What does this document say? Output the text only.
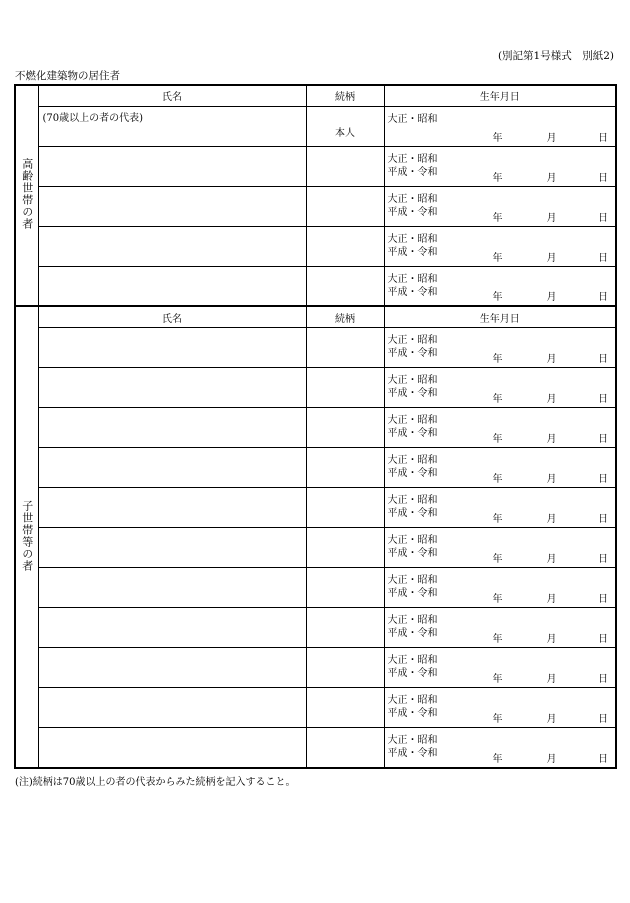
(別記第1号様式　別紙2)
不燃化建築物の居住者
高齢世帯の者	氏名	続柄	生年月日

	(70歳以上の者の代表)	本人	大正・昭和
年 月 日

			大正・昭和
平成・令和
年 月 日

			大正・昭和
平成・令和
年 月 日

			大正・昭和
平成・令和
年 月 日

			大正・昭和
平成・令和
年 月 日

子世帯等の者	氏名	続柄	生年月日

			大正・昭和
平成・令和
年 月 日

			大正・昭和
平成・令和
年 月 日

			大正・昭和
平成・令和
年 月 日

			大正・昭和
平成・令和
年 月 日

			大正・昭和
平成・令和
年 月 日

			大正・昭和
平成・令和
年 月 日

			大正・昭和
平成・令和
年 月 日

			大正・昭和
平成・令和
年 月 日

			大正・昭和
平成・令和
年 月 日

			大正・昭和
平成・令和
年 月 日

			大正・昭和
平成・令和
年 月 日
(注)続柄は70歳以上の者の代表からみた続柄を記入すること。
